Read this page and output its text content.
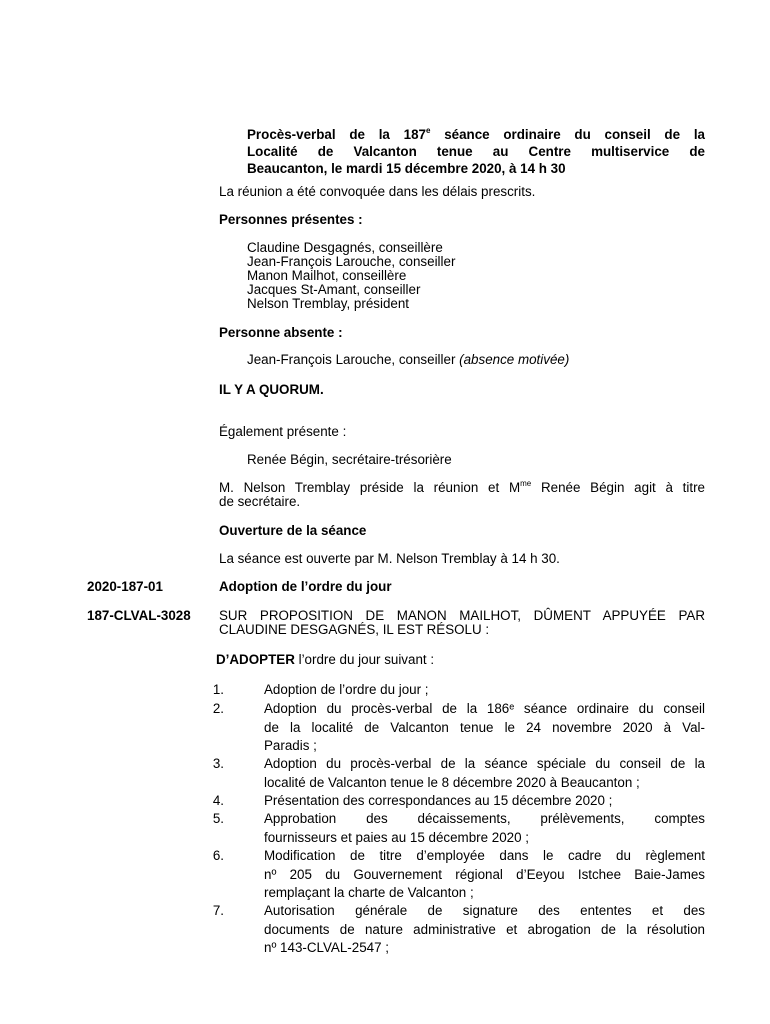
Procès-verbal de la 187e séance ordinaire du conseil de la
Localité de Valcanton tenue au Centre multiservice de
Beaucanton, le mardi 15 décembre 2020, à 14 h 30
La réunion a été convoquée dans les délais prescrits.
Personnes présentes :
Claudine Desgagnés, conseillère
Jean-François Larouche, conseiller
Manon Mailhot, conseillère
Jacques St-Amant, conseiller
Nelson Tremblay, président
Personne absente :
Jean-François Larouche, conseiller (absence motivée)
IL Y A QUORUM.
Également présente :
Renée Bégin, secrétaire-trésorière
M. Nelson Tremblay préside la réunion et $M^{me}$ Renée Bégin agit à titre
de secrétaire.
Ouverture de la séance
La séance est ouverte par M. Nelson Tremblay à 14 h 30.
2020-187-01	Adoption de l’ordre du jour
187-CLVAL-3028 SUR PROPOSITION DE MANON MAILHOT, DÛMENT APPUYÉE PAR
CLAUDINE DESGAGNÉS, IL EST RÉSOLU :
D’ADOPTER l’ordre du jour suivant :
1.	Adoption de l’ordre du jour ;
2.	Adoption du procès-verbal de la 186ᵉ séance ordinaire du conseil
de la localité de Valcanton tenue le 24 novembre 2020 à Val-
Paradis ;
3.	Adoption du procès-verbal de la séance spéciale du conseil de la
localité de Valcanton tenue le 8 décembre 2020 à Beaucanton ;
4.	Présentation des correspondances au 15 décembre 2020 ;
5.	Approbation des décaissements, prélèvements, comptes
fournisseurs et paies au 15 décembre 2020 ;
6.	Modification de titre d’employée dans le cadre du règlement
nº 205 du Gouvernement régional d’Eeyou Istchee Baie-James
remplaçant la charte de Valcanton ;
7.	Autorisation générale de signature des ententes et des
documents de nature administrative et abrogation de la résolution
nº 143-CLVAL-2547 ;
